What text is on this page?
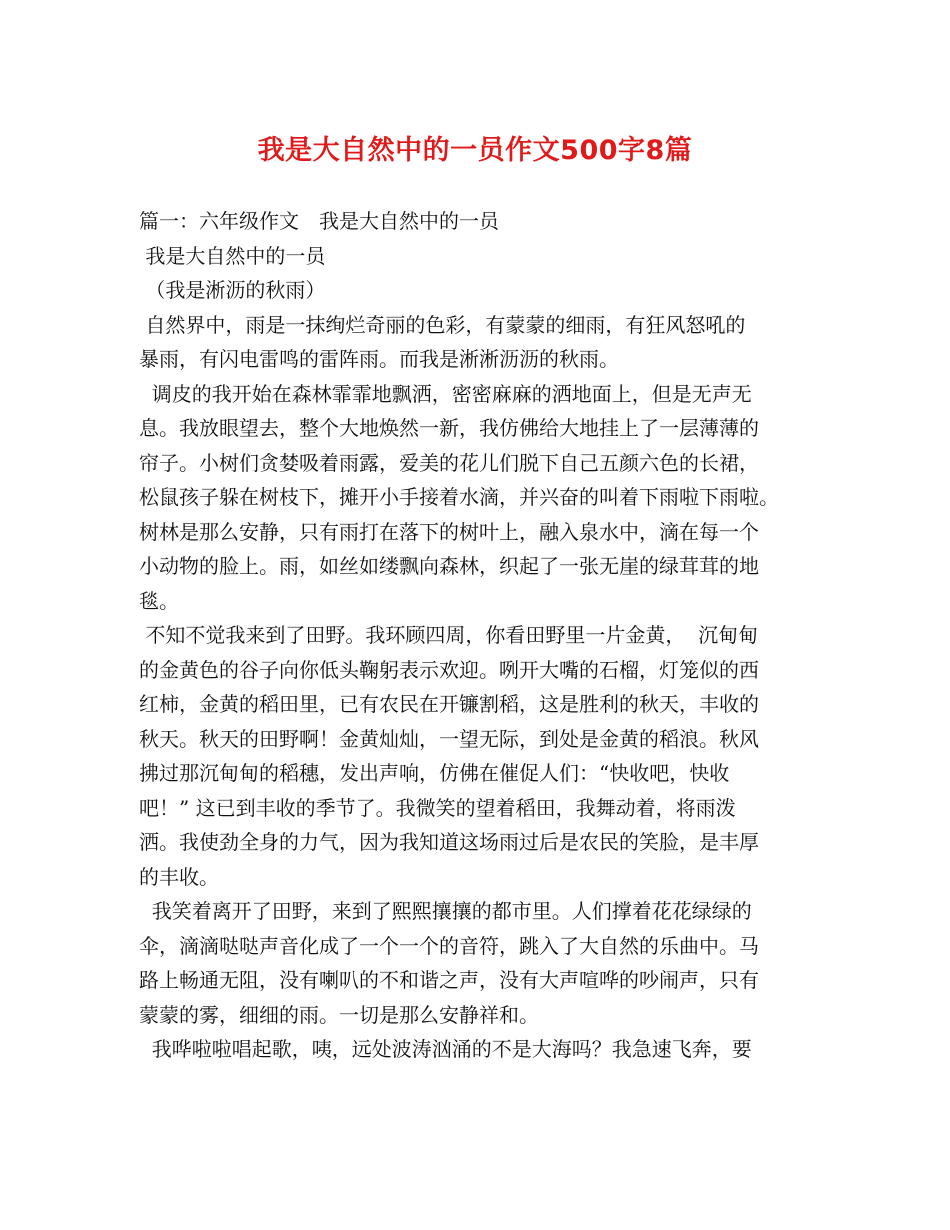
我是大自然中的一员作文500字8篇
篇一：六年级作文　我是大自然中的一员
我是大自然中的一员
（我是淅沥的秋雨）
自然界中，雨是一抹绚烂奇丽的色彩，有蒙蒙的细雨，有狂风怒吼的
暴雨，有闪电雷鸣的雷阵雨。而我是淅淅沥沥的秋雨。
调皮的我开始在森林霏霏地飘洒，密密麻麻的洒地面上，但是无声无
息。我放眼望去，整个大地焕然一新，我仿佛给大地挂上了一层薄薄的
帘子。小树们贪婪吸着雨露，爱美的花儿们脱下自己五颜六色的长裙，
松鼠孩子躲在树枝下，摊开小手接着水滴，并兴奋的叫着下雨啦下雨啦。
树林是那么安静，只有雨打在落下的树叶上，融入泉水中，滴在每一个
小动物的脸上。雨，如丝如缕飘向森林，织起了一张无崖的绿茸茸的地
毯。
不知不觉我来到了田野。我环顾四周，你看田野里一片金黄，  沉甸甸
的金黄色的谷子向你低头鞠躬表示欢迎。咧开大嘴的石榴，灯笼似的西
红柿，金黄的稻田里，已有农民在开镰割稻，这是胜利的秋天，丰收的
秋天。秋天的田野啊！金黄灿灿，一望无际，到处是金黄的稻浪。秋风
拂过那沉甸甸的稻穗，发出声响，仿佛在催促人们：“快收吧，快收
吧！” 这已到丰收的季节了。我微笑的望着稻田，我舞动着，将雨泼
洒。我使劲全身的力气，因为我知道这场雨过后是农民的笑脸，是丰厚
的丰收。
我笑着离开了田野，来到了熙熙攘攘的都市里。人们撑着花花绿绿的
伞，滴滴哒哒声音化成了一个一个的音符，跳入了大自然的乐曲中。马
路上畅通无阻，没有喇叭的不和谐之声，没有大声喧哗的吵闹声，只有
蒙蒙的雾，细细的雨。一切是那么安静祥和。
我哗啦啦唱起歌，咦，远处波涛汹涌的不是大海吗？我急速飞奔，要
